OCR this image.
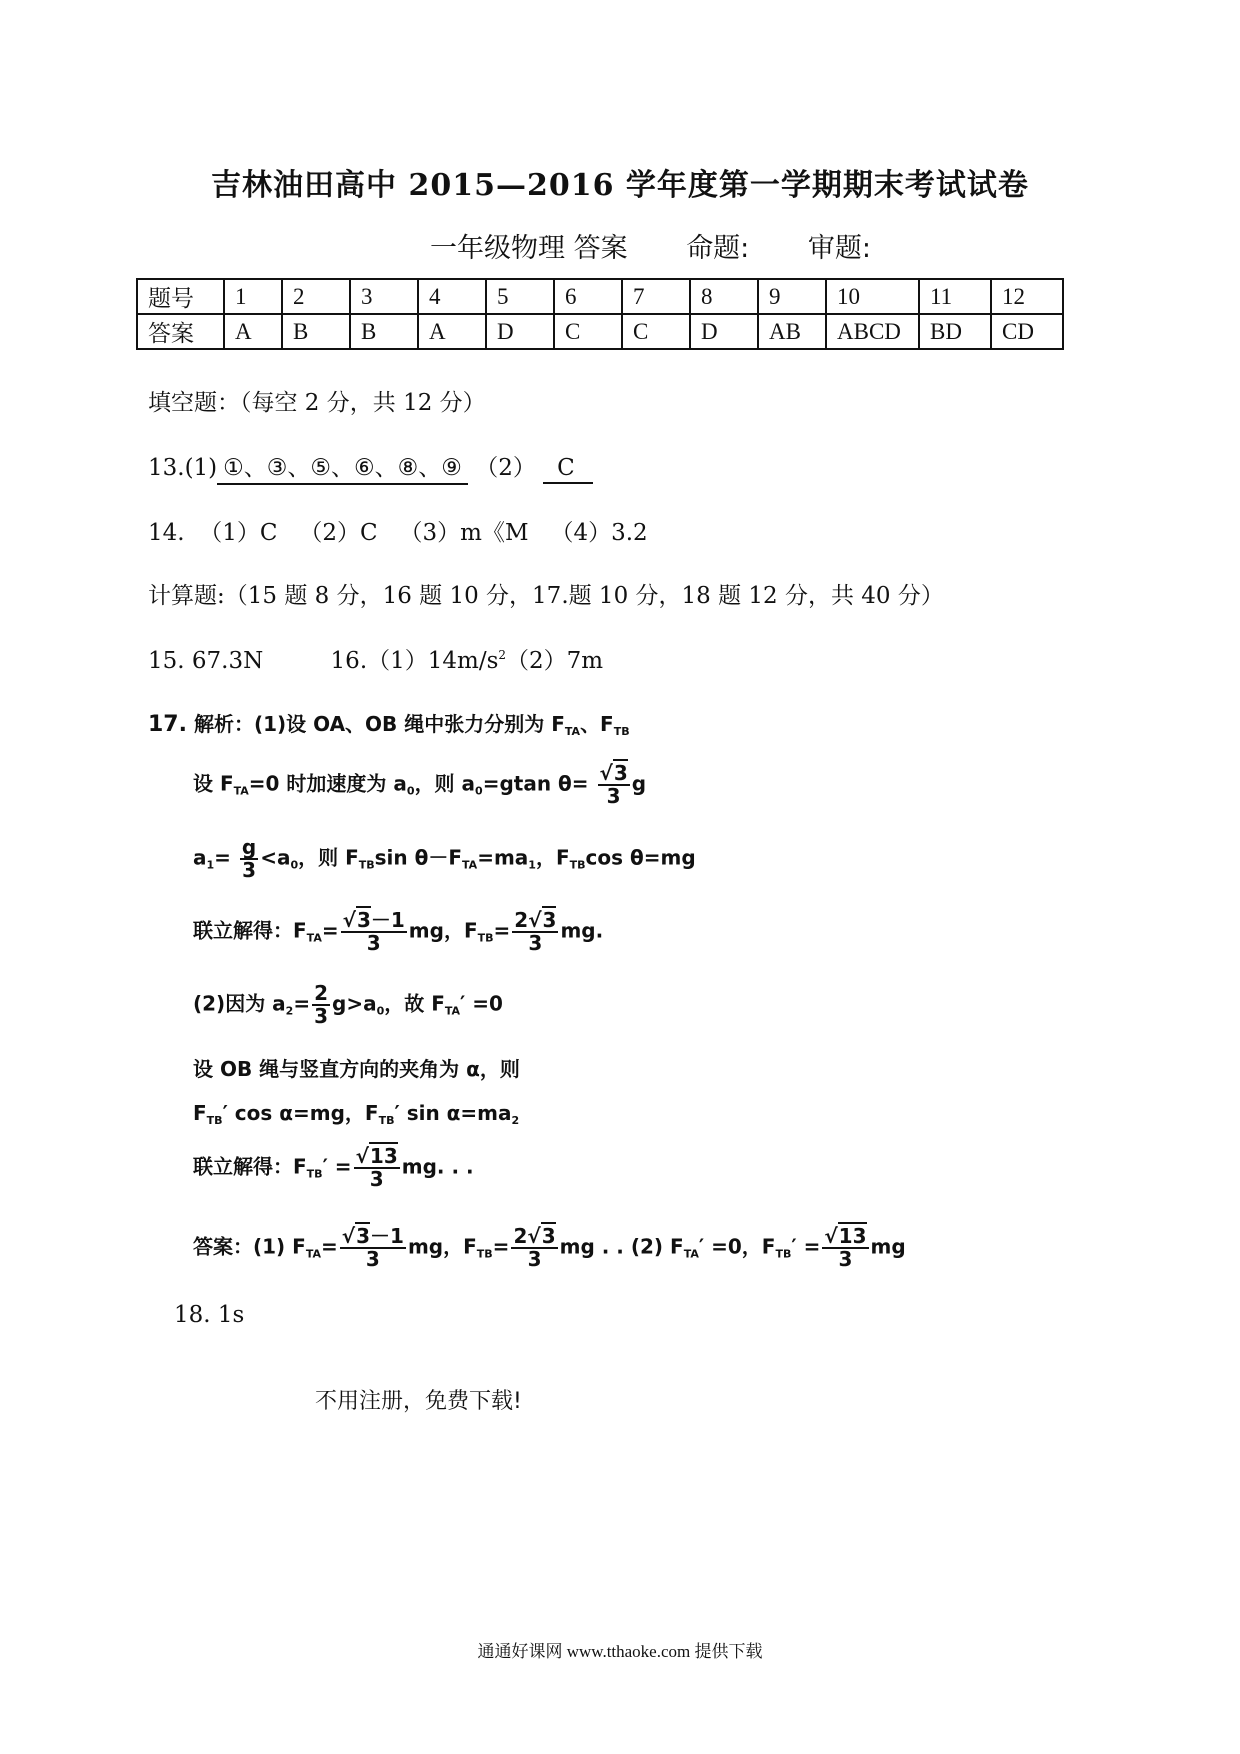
吉林油田高中 2015—2016 学年度第一学期期末考试试卷
一年级物理 答案 命题: 审题:
题号	1	2	3	4	5	6	7	8	9	10	11	12
答案	A	B	B	A	D	C	C	D	AB	ABCD	BD	CD
填空题：（每空 2 分，共 12 分）
13.(1) ①、③、⑤、⑥、⑧、⑨ （2） C
14.  （1）C   （2）C   （3）m《M   （4）3.2
计算题:（15 题 8 分，16 题 10 分，17.题 10 分，18 题 12 分，共 40 分）
15. 67.3N	$16.(1)14m/s^2(2)7m$
17. 解析：(1)设 OA、OB 绳中张力分别为 $F_{TA}$、$F_{TB}$
设 $F_{TA}=0$ 时加速度为 $a_0$，则 $a_0=gtan$ $\theta= \frac{√3}{3}$ g
$a_1= \frac{g}{3} <a_0$，则 $F_{TB}\sin$ $\theta-F_{TA}=ma_1$，$F_{TB}\cos$ θ=mg
联立解得：$F_{TA}= \frac{√3-1}{3}$ mg，$F_{TB}= \frac{2√3}{3}$ mg.
(2)因为 $a_2= \frac{2}{3} g>a_0$，故 $F_{TA}' =0$
设 OB 绳与竖直方向的夹角为 α，则
$F_{TB}'$ cos α=mg，$F_{TB}'$ $\sin \alpha=ma_2$
联立解得：$F_{TB}' = \frac{√13}{3}$ mg. . .
答案：(1) $F_{TA}= \frac{√3-1}{3}$ mg，$F_{TB}= \frac{2√3}{3}$ mg . . (2) $F_{TA}' =0$，$F_{TB}' = \frac{√13}{3}$ mg
18. 1s
不用注册，免费下载!
通通好课网 www.tthaoke.com 提供下载
